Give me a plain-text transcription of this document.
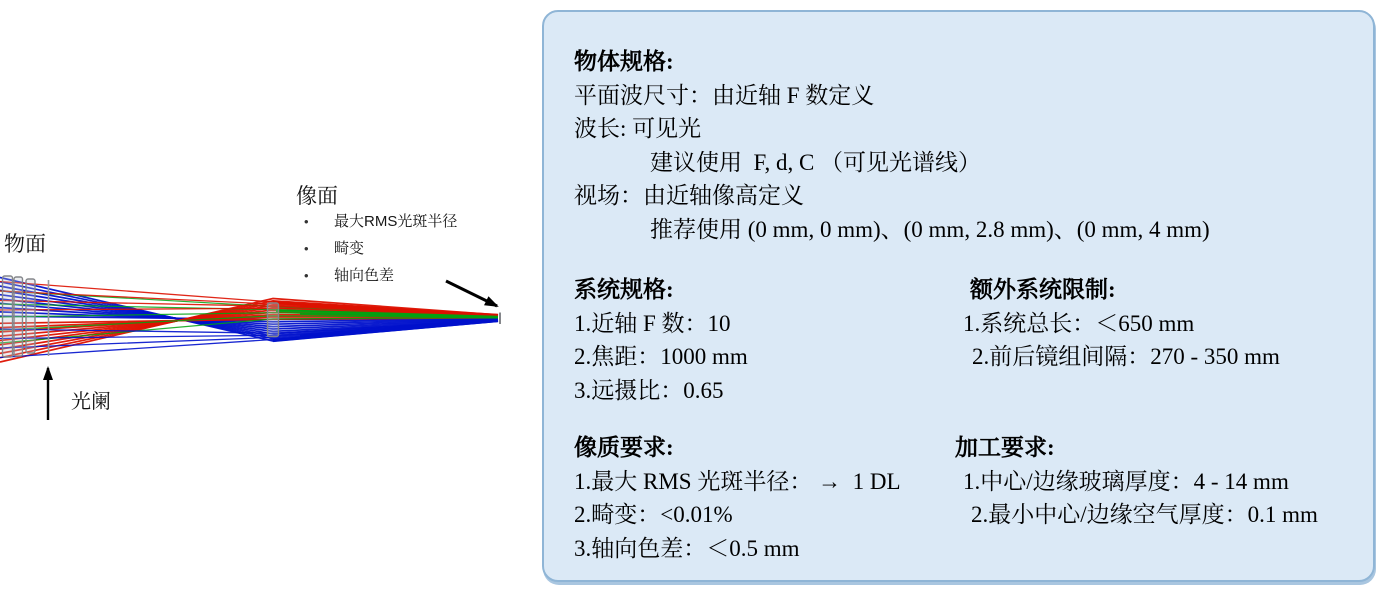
物面
像面
•	最大RMS光斑半径
•	畸变
•	轴向色差
光阑
物体规格:
平面波尺寸：由近轴 F 数定义
波长: 可见光
建议使用  F, d, C （可见光谱线）
视场：由近轴像高定义
推荐使用 (0 mm, 0 mm)、(0 mm, 2.8 mm)、(0 mm, 4 mm)
系统规格:
1.近轴 F 数：10
2.焦距：1000 mm
3.远摄比：0.65
额外系统限制:
1.系统总长：＜650 mm
2.前后镜组间隔：270 - 350 mm
像质要求:
1.最大 RMS 光斑半径： →  1 DL
2.畸变：<0.01%
3.轴向色差：＜0.5 mm
加工要求:
1.中心/边缘玻璃厚度：4 - 14 mm
2.最小中心/边缘空气厚度：0.1 mm
